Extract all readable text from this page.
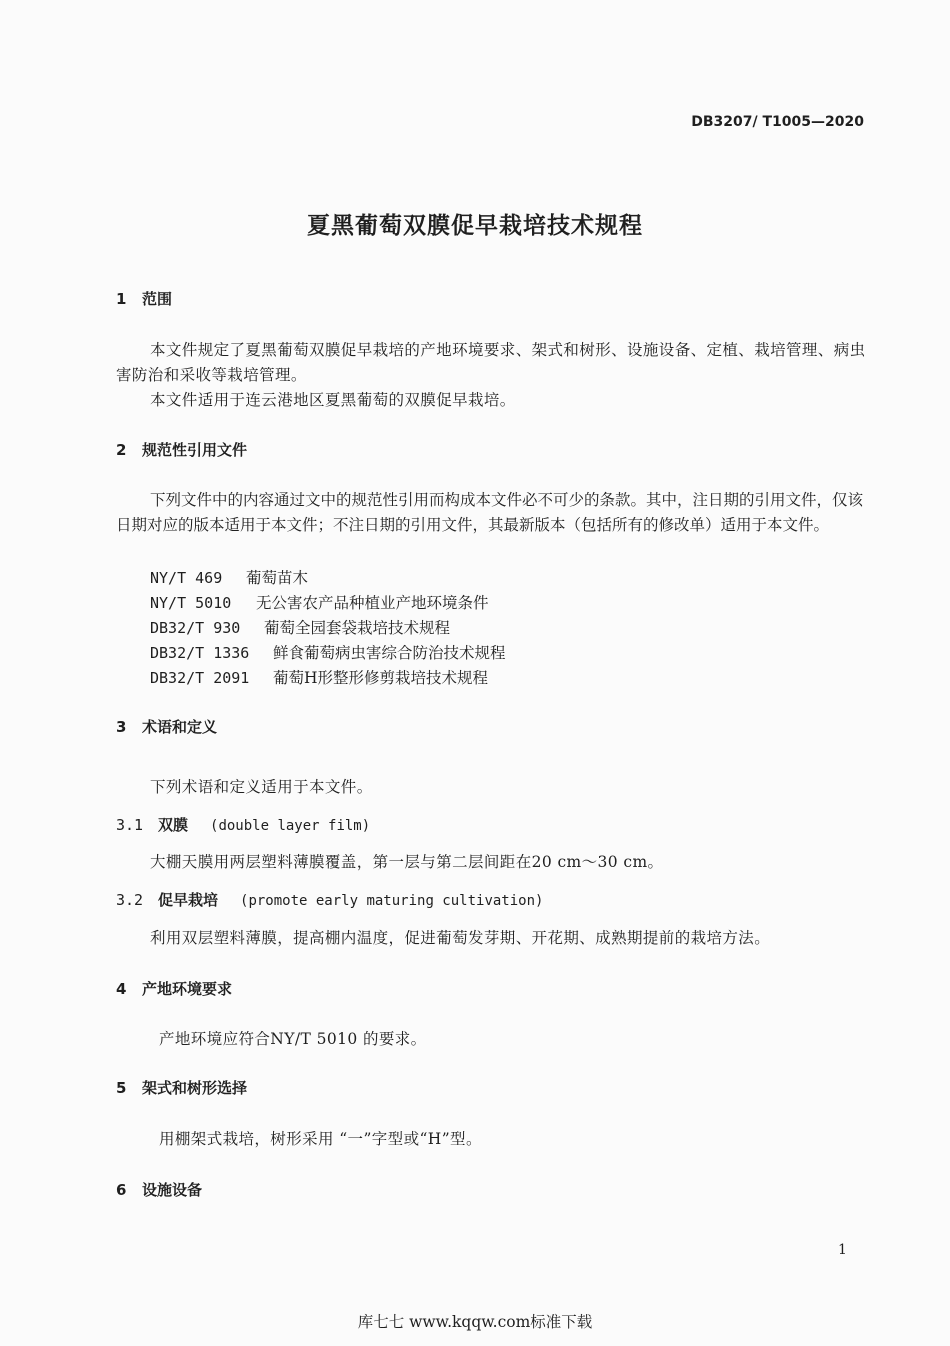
DB3207/ T1005—2020
夏黑葡萄双膜促早栽培技术规程
1 范围
本文件规定了夏黑葡萄双膜促早栽培的产地环境要求、架式和树形、设施设备、定植、栽培管理、病虫害防治和采收等栽培管理。
本文件适用于连云港地区夏黑葡萄的双膜促早栽培。
2 规范性引用文件
下列文件中的内容通过文中的规范性引用而构成本文件必不可少的条款。其中，注日期的引用文件，仅该日期对应的版本适用于本文件；不注日期的引用文件，其最新版本（包括所有的修改单）适用于本文件。
NY/T 469 葡萄苗木
NY/T 5010 无公害农产品种植业产地环境条件
DB32/T 930 葡萄全园套袋栽培技术规程
DB32/T 1336 鲜食葡萄病虫害综合防治技术规程
DB32/T 2091 葡萄H形整形修剪栽培技术规程
3 术语和定义
下列术语和定义适用于本文件。
3.1 双膜 (double layer film)
大棚天膜用两层塑料薄膜覆盖，第一层与第二层间距在20 cm～30 cm。
3.2 促早栽培 (promote early maturing cultivation)
利用双层塑料薄膜，提高棚内温度，促进葡萄发芽期、开花期、成熟期提前的栽培方法。
4 产地环境要求
产地环境应符合NY/T 5010 的要求。
5 架式和树形选择
用棚架式栽培，树形采用 “一”字型或“H”型。
6 设施设备
1
库七七 www.kqqw.com标准下载
